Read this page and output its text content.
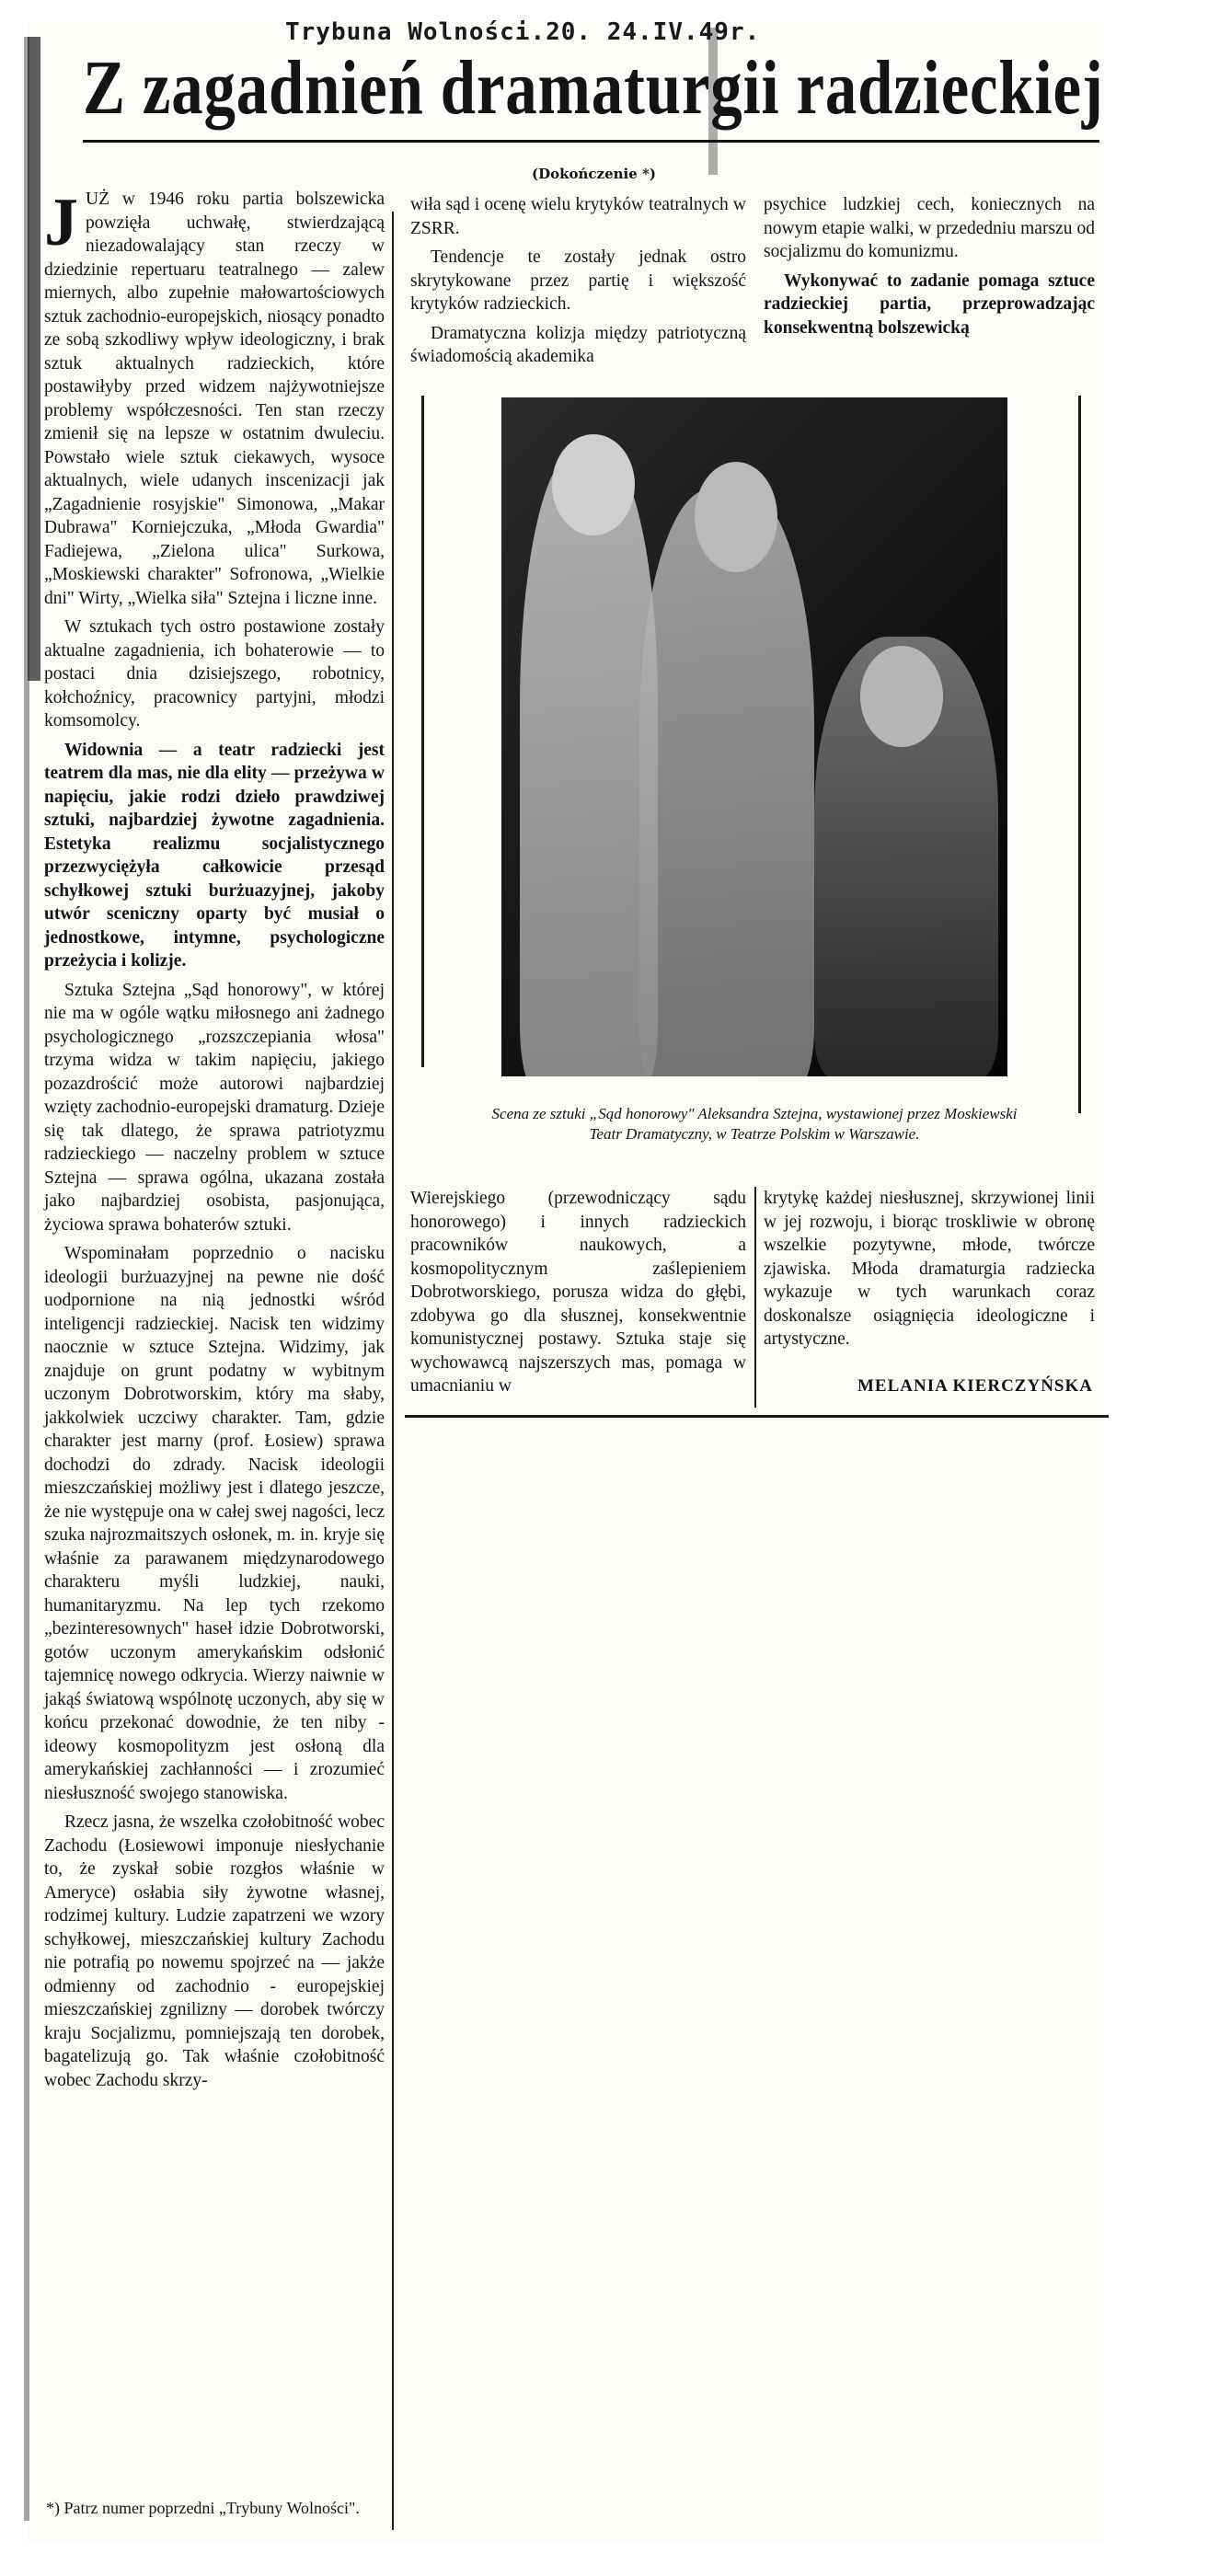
Trybuna Wolności.20. 24.IV.49r.
Z zagadnień dramaturgii radzieckiej
(Dokończenie *)

JUŻ w 1946 roku partia bolszewicka powzięła uchwałę, stwierdzającą niezadowalający stan rzeczy w dziedzinie repertuaru teatralnego — zalew miernych, albo zupełnie małowartościowych sztuk zachodnio-europejskich, niosący ponadto ze sobą szkodliwy wpływ ideologiczny, i brak sztuk aktualnych radzieckich, które postawiłyby przed widzem najżywotniejsze problemy współczesności. Ten stan rzeczy zmienił się na lepsze w ostatnim dwuleciu. Powstało wiele sztuk ciekawych, wysoce aktualnych, wiele udanych inscenizacji jak „Zagadnienie rosyjskie" Simonowa, „Makar Dubrawa" Korniejczuka, „Młoda Gwardia" Fadiejewa, „Zielona ulica" Surkowa, „Moskiewski charakter" Sofronowa, „Wielkie dni" Wirty, „Wielka siła" Sztejna i liczne inne.

W sztukach tych ostro postawione zostały aktualne zagadnienia, ich bohaterowie — to postaci dnia dzisiejszego, robotnicy, kołchoźnicy, pracownicy partyjni, młodzi komsomolcy.

Widownia — a teatr radziecki jest teatrem dla mas, nie dla elity — przeżywa w napięciu, jakie rodzi dzieło prawdziwej sztuki, najbardziej żywotne zagadnienia. Estetyka realizmu socjalistycznego przezwyciężyła całkowicie przesąd schyłkowej sztuki burżuazyjnej, jakoby utwór sceniczny oparty być musiał o jednostkowe, intymne, psychologiczne przeżycia i kolizje.

Sztuka Sztejna „Sąd honorowy", w której nie ma w ogóle wątku miłosnego ani żadnego psychologicznego „rozszczepiania włosa" trzyma widza w takim napięciu, jakiego pozazdrościć może autorowi najbardziej wzięty zachodnio-europejski dramaturg. Dzieje się tak dlatego, że sprawa patriotyzmu radzieckiego — naczelny problem w sztuce Sztejna — sprawa ogólna, ukazana została jako najbardziej osobista, pasjonująca, życiowa sprawa bohaterów sztuki.

Wspominałam poprzednio o nacisku ideologii burżuazyjnej na pewne nie dość uodpornione na nią jednostki wśród inteligencji radzieckiej. Nacisk ten widzimy naocznie w sztuce Sztejna. Widzimy, jak znajduje on grunt podatny w wybitnym uczonym Dobrotworskim, który ma słaby, jakkolwiek uczciwy charakter. Tam, gdzie charakter jest marny (prof. Łosiew) sprawa dochodzi do zdrady. Nacisk ideologii mieszczańskiej możliwy jest i dlatego jeszcze, że nie występuje ona w całej swej nagości, lecz szuka najrozmaitszych osłonek, m. in. kryje się właśnie za parawanem międzynarodowego charakteru myśli ludzkiej, nauki, humanitaryzmu. Na lep tych rzekomo „bezinteresownych" haseł idzie Dobrotworski, gotów uczonym amerykańskim odsłonić tajemnicę nowego odkrycia. Wierzy naiwnie w jakąś światową wspólnotę uczonych, aby się w końcu przekonać dowodnie, że ten niby - ideowy kosmopolityzm jest osłoną dla amerykańskiej zachłanności — i zrozumieć niesłuszność swojego stanowiska.

Rzecz jasna, że wszelka czołobitność wobec Zachodu (Łosiewowi imponuje niesłychanie to, że zyskał sobie rozgłos właśnie w Ameryce) osłabia siły żywotne własnej, rodzimej kultury. Ludzie zapatrzeni we wzory schyłkowej, mieszczańskiej kultury Zachodu nie potrafią po nowemu spojrzeć na — jakże odmienny od zachodnio - europejskiej mieszczańskiej zgnilizny — dorobek twórczy kraju Socjalizmu, pomniejszają ten dorobek, bagatelizują go. Tak właśnie czołobitność wobec Zachodu skrzy-

*) Patrz numer poprzedni „Trybuny Wolności".

wiła sąd i ocenę wielu krytyków teatralnych w ZSRR.

Tendencje te zostały jednak ostro skrytykowane przez partię i większość krytyków radzieckich.

Dramatyczna kolizja między patriotyczną świadomością akademika

psychice ludzkiej cech, koniecznych na nowym etapie walki, w przededniu marszu od socjalizmu do komunizmu.

Wykonywać to zadanie pomaga sztuce radzieckiej partia, przeprowadzając konsekwentną bolszewicką

Scena ze sztuki „Sąd honorowy" Aleksandra Sztejna, wystawionej przez Moskiewski Teatr Dramatyczny, w Teatrze Polskim w Warszawie.

Wierejskiego (przewodniczący sądu honorowego) i innych radzieckich pracowników naukowych, a kosmopolitycznym zaślepieniem Dobrotworskiego, porusza widza do głębi, zdobywa go dla słusznej, konsekwentnie komunistycznej postawy. Sztuka staje się wychowawcą najszerszych mas, pomaga w umacnianiu w

krytykę każdej niesłusznej, skrzywionej linii w jej rozwoju, i biorąc troskliwie w obronę wszelkie pozytywne, młode, twórcze zjawiska. Młoda dramaturgia radziecka wykazuje w tych warunkach coraz doskonalsze osiągnięcia ideologiczne i artystyczne.

MELANIA KIERCZYŃSKA
